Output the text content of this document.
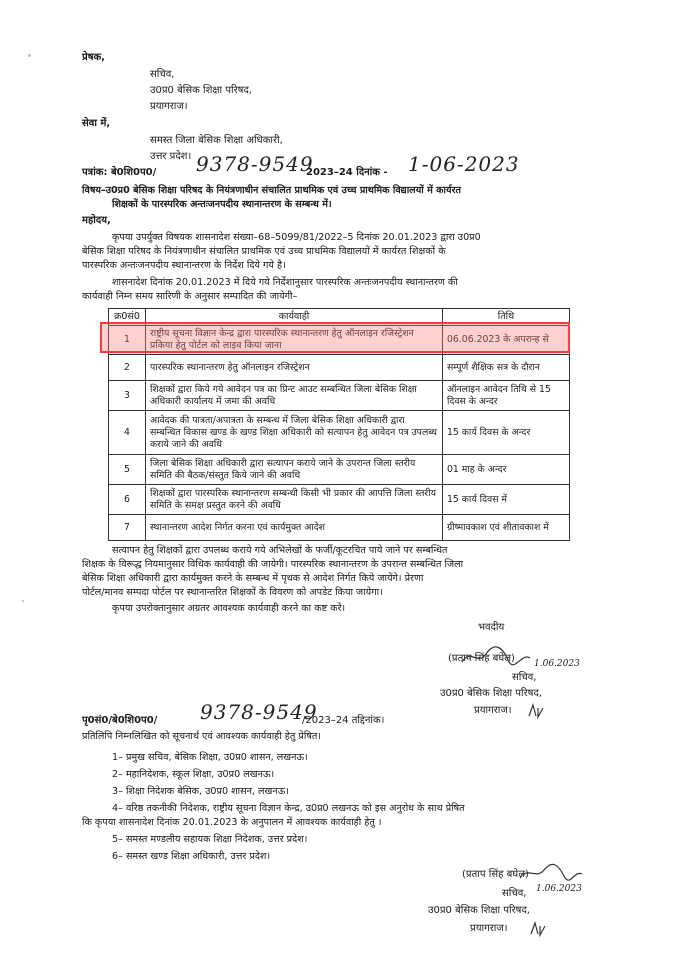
प्रेषक,
सचिव,
उ0प्र0 बेसिक शिक्षा परिषद,
प्रयागराज।
सेवा में,
समस्त जिला बेसिक शिक्षा अधिकारी,
उत्तर प्रदेश।
पत्रांक: बे0शि0प0/ 9378-9549
2023–24 दिनांक - 1-06-2023
विषय–उ0प्र0 बेसिक शिक्षा परिषद के नियंत्रणाधीन संचालित प्राथमिक एवं उच्च प्राथमिक विद्यालयों में कार्यरत
शिक्षकों के पारस्परिक अन्तःजनपदीय स्थानान्तरण के सम्बन्ध में।
महोदय,
कृपया उपर्युक्त विषयक शासनादेश संख्या–68–5099/81/2022–5 दिनांक 20.01.2023 द्वारा उ0प्र0
बेसिक शिक्षा परिषद के नियंत्रणाधीन संचालित प्राथमिक एवं उच्च प्राथमिक विद्यालयों में कार्यरत शिक्षकों के
पारस्परिक अन्तःजनपदीय स्थानान्तरण के निर्देश दिये गये है।
शासनादेश दिनांक 20.01.2023 में दिये गये निर्देशानुसार पारस्परिक अन्तःजनपदीय स्थानान्तरण की
कार्यवाही निम्न समय सारिणी के अनुसार सम्पादित की जायेगी–
क्र0सं0	कार्यवाही	तिथि
1	राष्ट्रीय सूचना विज्ञान केन्द्र द्वारा पारस्परिक स्थानान्तरण हेतु ऑनलाइन रजिस्ट्रेशन प्रकिया हेतु पोर्टल को लाइव किया जाना	06.06.2023 के अपरान्ह से
2	पारस्परिक स्थानान्तरण हेतु ऑनलाइन रजिस्ट्रेशन	सम्पूर्ण शैक्षिक सत्र के दौरान
3	शिक्षकों द्वारा किये गये आवेदन पत्र का प्रिन्ट आउट सम्बन्धित जिला बेसिक शिक्षा अधिकारी कार्यालय में जमा की अवधि	ऑनलाइन आवेदन तिथि से 15 दिवस के अन्दर
4	आवेदक की पात्रता/अपात्रता के सम्बन्ध में जिला बेसिक शिक्षा अधिकारी द्वारा सम्बन्धित विकास खण्ड के खण्ड शिक्षा अधिकारी को सत्यापन हेतु आवेदन पत्र उपलब्ध कराये जाने की अवधि	15 कार्य दिवस के अन्दर
5	जिला बेसिक शिक्षा अधिकारी द्वारा सत्यापन कराये जाने के उपरान्त जिला स्तरीय समिति की बैठक/संस्तुत किये जाने की अवधि	01 माह के अन्दर
6	शिक्षकों द्वारा पारस्परिक स्थानान्तरण सम्बन्धी किसी भी प्रकार की आपत्ति जिला स्तरीय समिति के समक्ष प्रस्तुत करने की अवधि	15 कार्य दिवस में
7	स्थानान्तरण आदेश निर्गत करना एवं कार्यमुक्त आदेश	ग्रीष्मावकाश एवं शीतावकाश में
सत्यापन हेतु शिक्षकों द्वारा उपलब्ध कराये गये अभिलेखों के फर्जी/कूटरचित पाये जाने पर सम्बन्धित
शिक्षक के विरूद्ध नियमानुसार विधिक कार्यवाही की जायेगी। पारस्परिक स्थानान्तरण के उपरान्त सम्बन्धित जिला
बेसिक शिक्षा अधिकारी द्वारा कार्यमुक्त करने के सम्बन्ध में पृथक से आदेश निर्गत किये जायेंगे। प्रेरणा
पोर्टल/मानव सम्पदा पोर्टल पर स्थानान्तरित शिक्षकों के विवरण को अपडेट किया जायेगा।
कृपया उपरोक्तानुसार अग्रतर आवश्यक कार्यवाही करने का कष्ट करें।
भवदीय
(प्रताप सिंह बघेल) 1.06.2023
सचिव,
उ0प्र0 बेसिक शिक्षा परिषद,
प्रयागराज।
पृ0सं0/बे0शि0प0/ 9378-9549
/2023–24 तद्दिनांक।
प्रतिलिपि निम्नलिखित को सूचनार्थ एवं आवश्यक कार्यवाही हेतु प्रेषित।
1– प्रमुख सचिव, बेसिक शिक्षा, उ0प्र0 शासन, लखनऊ।
2– महानिदेशक, स्कूल शिक्षा, उ0प्र0 लखनऊ।
3– शिक्षा निदेशक बेसिक, उ0प्र0 शासन, लखनऊ।
4– वरिष्ठ तकनीकी निदेशक, राष्ट्रीय सूचना विज्ञान केन्द्र, उ0प्र0 लखनऊ को इस अनुरोध के साथ प्रेषित
कि कृपया शासनादेश दिनांक 20.01.2023 के अनुपालन में आवश्यक कार्यवाही हेतु ।
5– समस्त मण्डलीय सहायक शिक्षा निदेशक, उत्तर प्रदेश।
6– समस्त खण्ड शिक्षा अधिकारी, उत्तर प्रदेश।
(प्रताप सिंह बघेल)
1.06.2023
सचिव,
उ0प्र0 बेसिक शिक्षा परिषद,
प्रयागराज।
